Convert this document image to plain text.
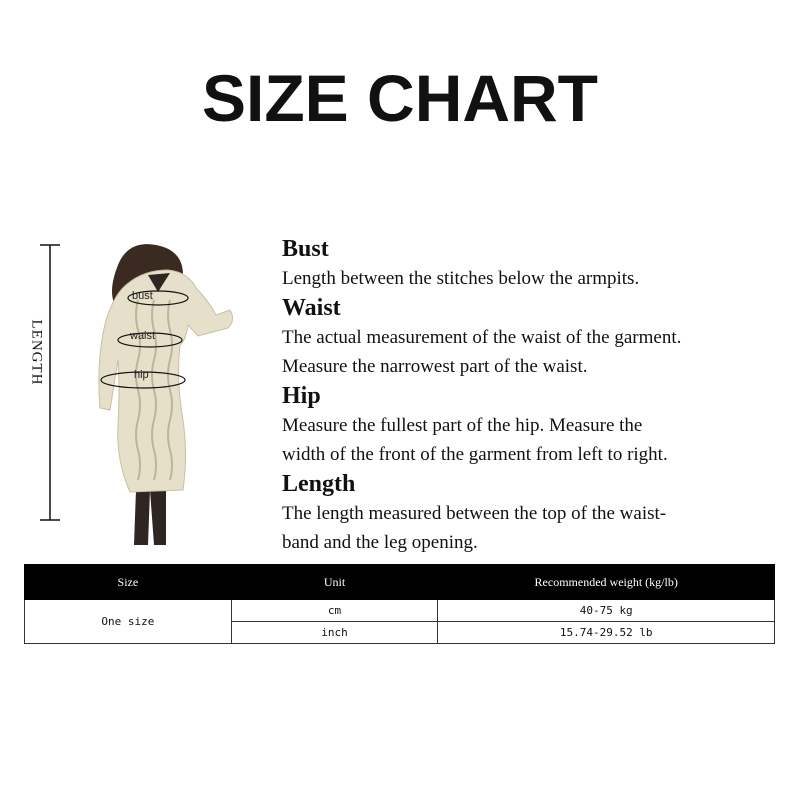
SIZE CHART
LENGTH
bust
waist
hip
Bust
Length between the stitches below the armpits.
Waist
The actual measurement of the waist of the garment.
Measure the narrowest part of the waist.
Hip
Measure the fullest part of the hip. Measure the
width of the front of the garment from left to right.
Length
The length measured between the top of the waist-
band and the leg opening.
Size	Unit	Recommended weight (kg/lb)
One size	cm	40-75 kg
	inch	15.74-29.52 lb
